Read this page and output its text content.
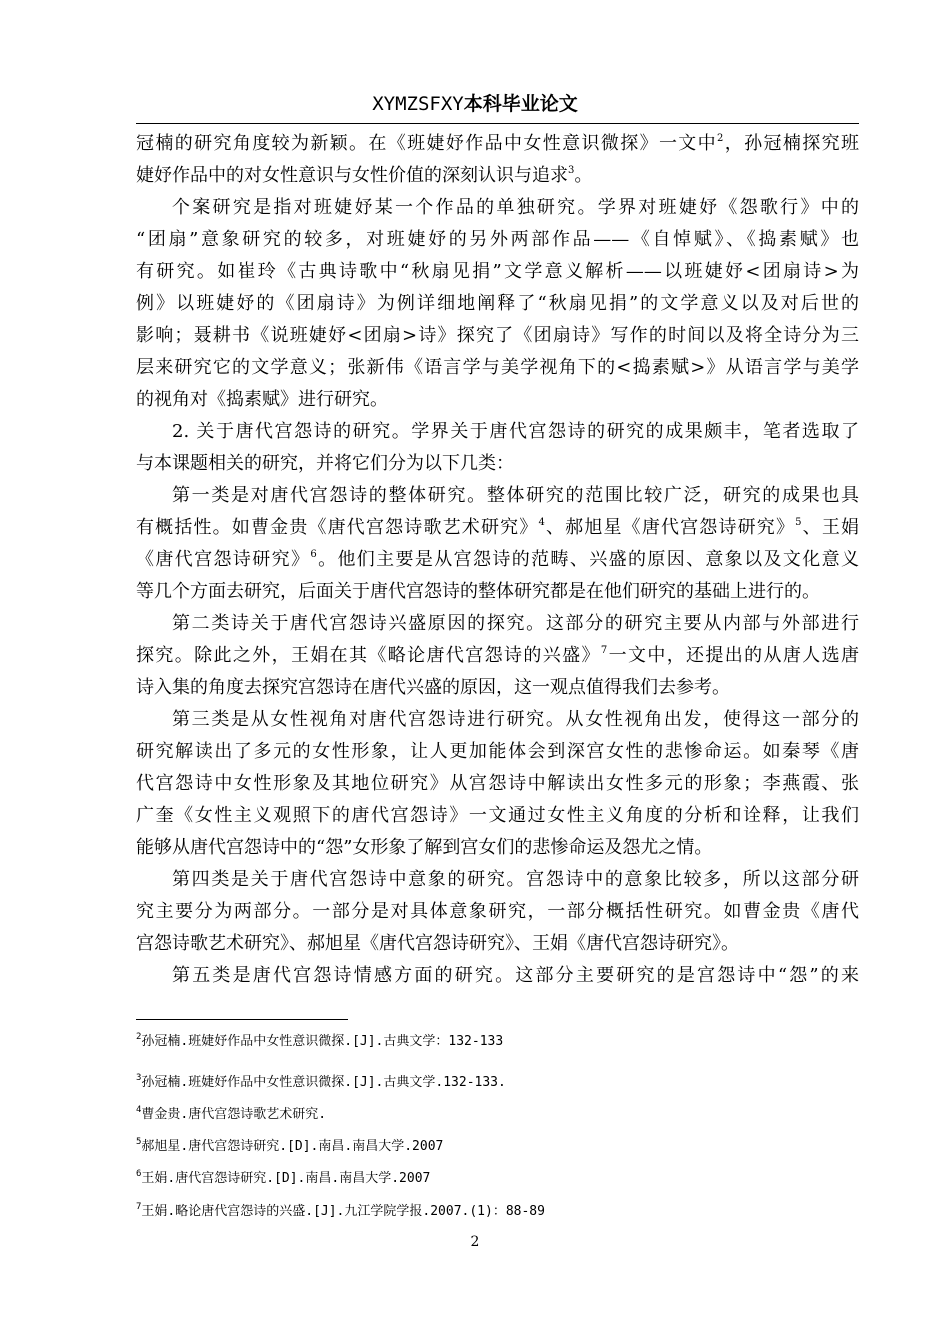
XYMZSFXY本科毕业论文
冠楠的研究角度较为新颖。在《班婕妤作品中女性意识微探》一文中$^2$，孙冠楠探究班
婕妤作品中的对女性意识与女性价值的深刻认识与追求$^3$。
个案研究是指对班婕妤某一个作品的单独研究。学界对班婕妤《怨歌行》中的
“团扇”意象研究的较多，对班婕妤的另外两部作品——《自悼赋》、《捣素赋》也
有研究。如崔玲《古典诗歌中“秋扇见捐”文学意义解析——以班婕妤<团扇诗>为
例》以班婕妤的《团扇诗》为例详细地阐释了“秋扇见捐”的文学意义以及对后世的
影响；聂耕书《说班婕妤<团扇>诗》探究了《团扇诗》写作的时间以及将全诗分为三
层来研究它的文学意义；张新伟《语言学与美学视角下的<捣素赋>》从语言学与美学
的视角对《捣素赋》进行研究。
2. 关于唐代宫怨诗的研究。学界关于唐代宫怨诗的研究的成果颇丰，笔者选取了
与本课题相关的研究，并将它们分为以下几类：
第一类是对唐代宫怨诗的整体研究。整体研究的范围比较广泛，研究的成果也具
有概括性。如曹金贵《唐代宫怨诗歌艺术研究》$^4$、郝旭星《唐代宫怨诗研究》$^5$、王娟
《唐代宫怨诗研究》$^6$。他们主要是从宫怨诗的范畴、兴盛的原因、意象以及文化意义
等几个方面去研究，后面关于唐代宫怨诗的整体研究都是在他们研究的基础上进行的。
第二类诗关于唐代宫怨诗兴盛原因的探究。这部分的研究主要从内部与外部进行
探究。除此之外，王娟在其《略论唐代宫怨诗的兴盛》$^7$一文中，还提出的从唐人选唐
诗入集的角度去探究宫怨诗在唐代兴盛的原因，这一观点值得我们去参考。
第三类是从女性视角对唐代宫怨诗进行研究。从女性视角出发，使得这一部分的
研究解读出了多元的女性形象，让人更加能体会到深宫女性的悲惨命运。如秦琴《唐
代宫怨诗中女性形象及其地位研究》从宫怨诗中解读出女性多元的形象；李燕霞、张
广奎《女性主义观照下的唐代宫怨诗》一文通过女性主义角度的分析和诠释，让我们
能够从唐代宫怨诗中的“怨”女形象了解到宫女们的悲惨命运及怨尤之情。
第四类是关于唐代宫怨诗中意象的研究。宫怨诗中的意象比较多，所以这部分研
究主要分为两部分。一部分是对具体意象研究，一部分概括性研究。如曹金贵《唐代
宫怨诗歌艺术研究》、郝旭星《唐代宫怨诗研究》、王娟《唐代宫怨诗研究》。
第五类是唐代宫怨诗情感方面的研究。这部分主要研究的是宫怨诗中“怨”的来
$^2$孙冠楠.班婕妤作品中女性意识微探.[J].古典文学：132-133
$^3$孙冠楠.班婕妤作品中女性意识微探.[J].古典文学.132-133.
$^4$曹金贵.唐代宫怨诗歌艺术研究.
$^5$郝旭星.唐代宫怨诗研究.[D].南昌.南昌大学.2007
$^6$王娟.唐代宫怨诗研究.[D].南昌.南昌大学.2007
$^7$王娟.略论唐代宫怨诗的兴盛.[J].九江学院学报.2007.(1)：88-89
2
